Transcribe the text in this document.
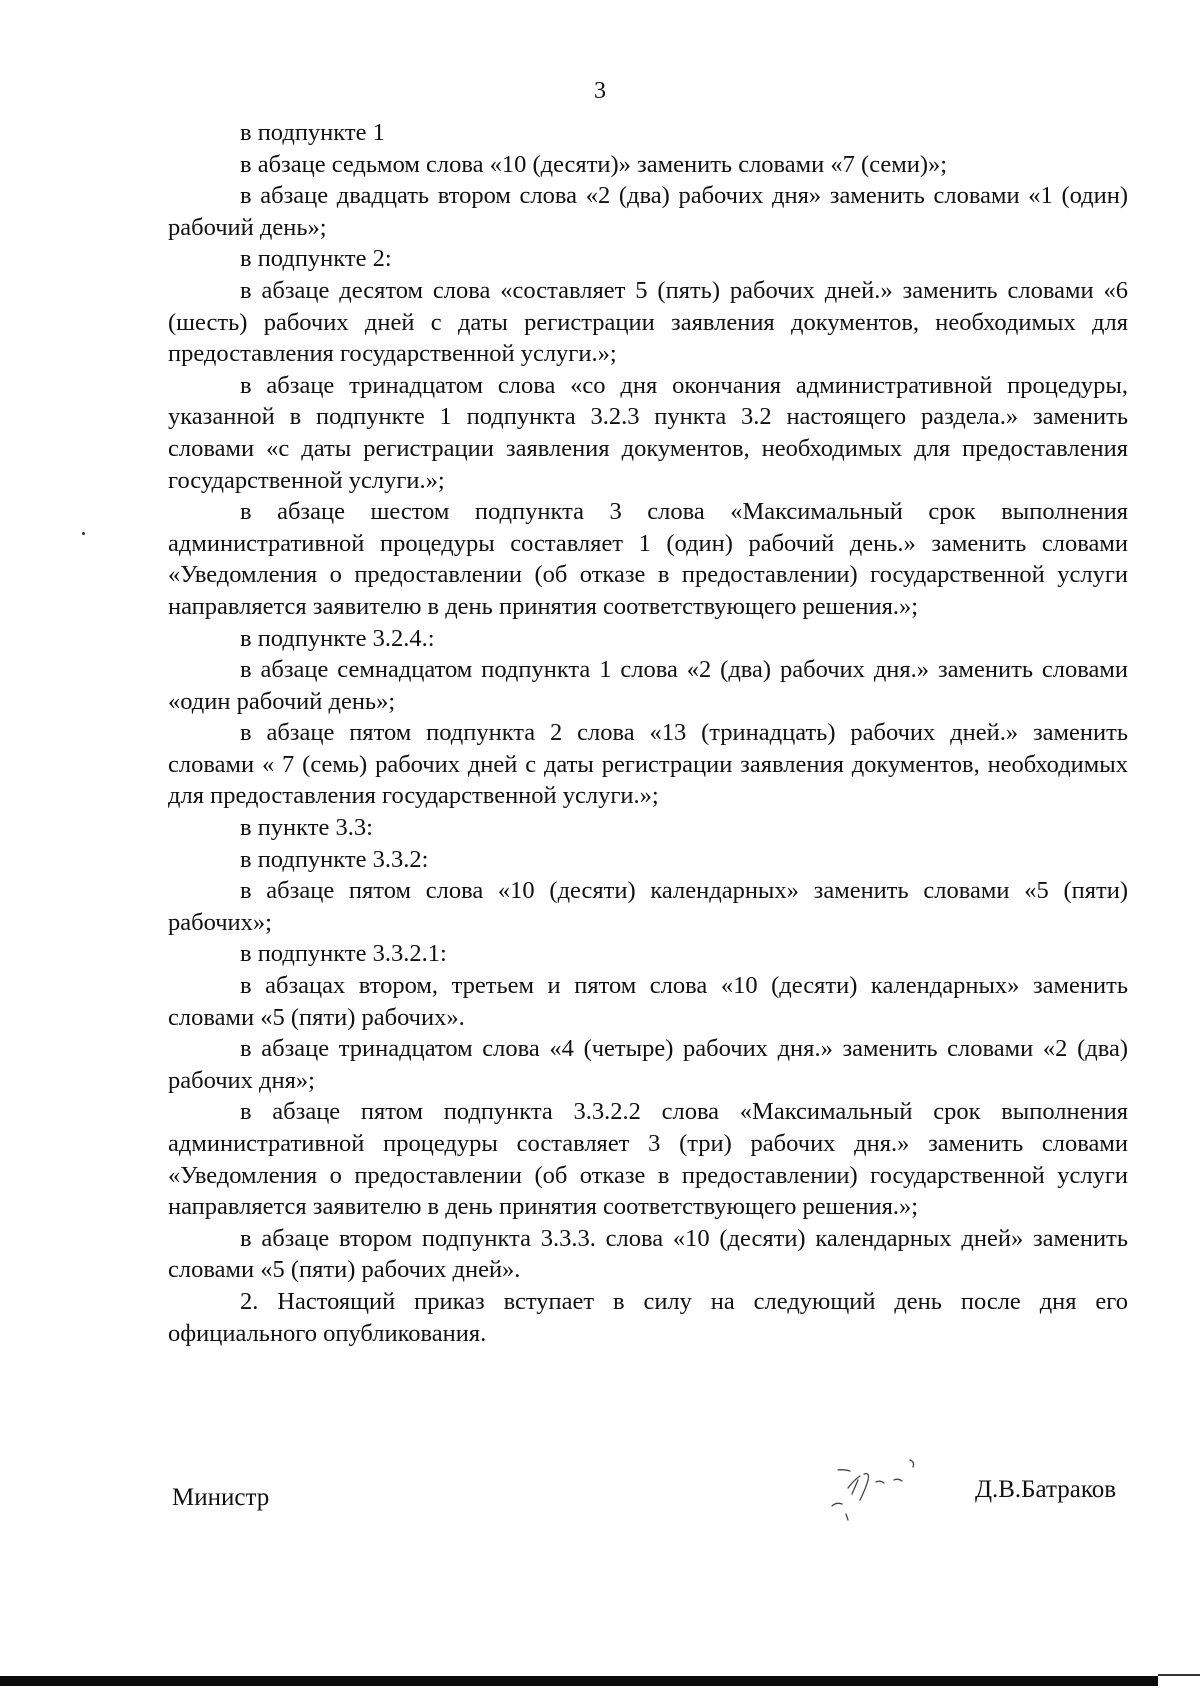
3

в подпункте 1

в абзаце седьмом слова «10 (десяти)» заменить словами «7 (семи)»;

в абзаце двадцать втором слова «2 (два) рабочих дня» заменить словами «1 (один) рабочий день»;

в подпункте 2:

в абзаце десятом слова «составляет 5 (пять) рабочих дней.» заменить словами «6 (шесть) рабочих дней с даты регистрации заявления документов, необходимых для предоставления государственной услуги.»;

в абзаце тринадцатом слова «со дня окончания административной процедуры, указанной в подпункте 1 подпункта 3.2.3 пункта 3.2 настоящего раздела.» заменить словами «с даты регистрации заявления документов, необходимых для предоставления государственной услуги.»;

в абзаце шестом подпункта 3 слова «Максимальный срок выполнения административной процедуры составляет 1 (один) рабочий день.» заменить словами «Уведомления о предоставлении (об отказе в предоставлении) государственной услуги направляется заявителю в день принятия соответствующего решения.»;

в подпункте 3.2.4.:

в абзаце семнадцатом подпункта 1 слова «2 (два) рабочих дня.» заменить словами «один рабочий день»;

в абзаце пятом подпункта 2 слова «13 (тринадцать) рабочих дней.» заменить словами « 7 (семь) рабочих дней с даты регистрации заявления документов, необходимых для предоставления государственной услуги.»;

в пункте 3.3:

в подпункте 3.3.2:

в абзаце пятом слова «10 (десяти) календарных» заменить словами «5 (пяти) рабочих»;

в подпункте 3.3.2.1:

в абзацах втором, третьем и пятом слова «10 (десяти) календарных» заменить словами «5 (пяти) рабочих».

в абзаце тринадцатом слова «4 (четыре) рабочих дня.» заменить словами «2 (два) рабочих дня»;

в абзаце пятом подпункта 3.3.2.2 слова «Максимальный срок выполнения административной процедуры составляет 3 (три) рабочих дня.» заменить словами «Уведомления о предоставлении (об отказе в предоставлении) государственной услуги направляется заявителю в день принятия соответствующего решения.»;

в абзаце втором подпункта 3.3.3. слова «10 (десяти) календарных дней» заменить словами «5 (пяти) рабочих дней».

2. Настоящий приказ вступает в силу на следующий день после дня его официального опубликования.

Министр	Д.В.Батраков
